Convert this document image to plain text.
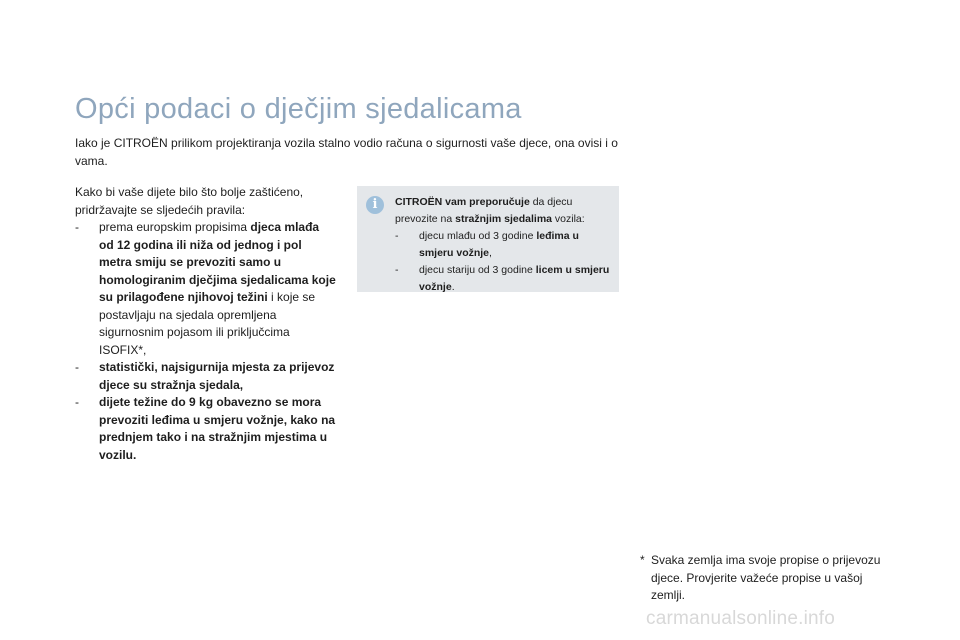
Opći podaci o dječjim sjedalicama

Iako je CITROËN prilikom projektiranja vozila stalno vodio računa o sigurnosti vaše djece, ona ovisi i o vama.

Kako bi vaše dijete bilo što bolje zaštićeno, pridržavajte se sljedećih pravila:

- prema europskim propisima djeca mlađa od 12 godina ili niža od jednog i pol metra smiju se prevoziti samo u homologiranim dječjima sjedalicama koje su prilagođene njihovoj težini i koje se postavljaju na sjedala opremljena sigurnosnim pojasom ili priključcima ISOFIX*,
- statistički, najsigurnija mjesta za prijevoz djece su stražnja sjedala,
- dijete težine do 9 kg obavezno se mora prevoziti leđima u smjeru vožnje, kako na prednjem tako i na stražnjim mjestima u vozilu.
i	CITROËN vam preporučuje da djecu prevozite na stražnjim sjedalima vozila:

- djecu mlađu od 3 godine leđima u smjeru vožnje,
- djecu stariju od 3 godine licem u smjeru vožnje.
* Svaka zemlja ima svoje propise o prijevozu djece. Provjerite važeće propise u vašoj zemlji.
carmanualsonline.info
